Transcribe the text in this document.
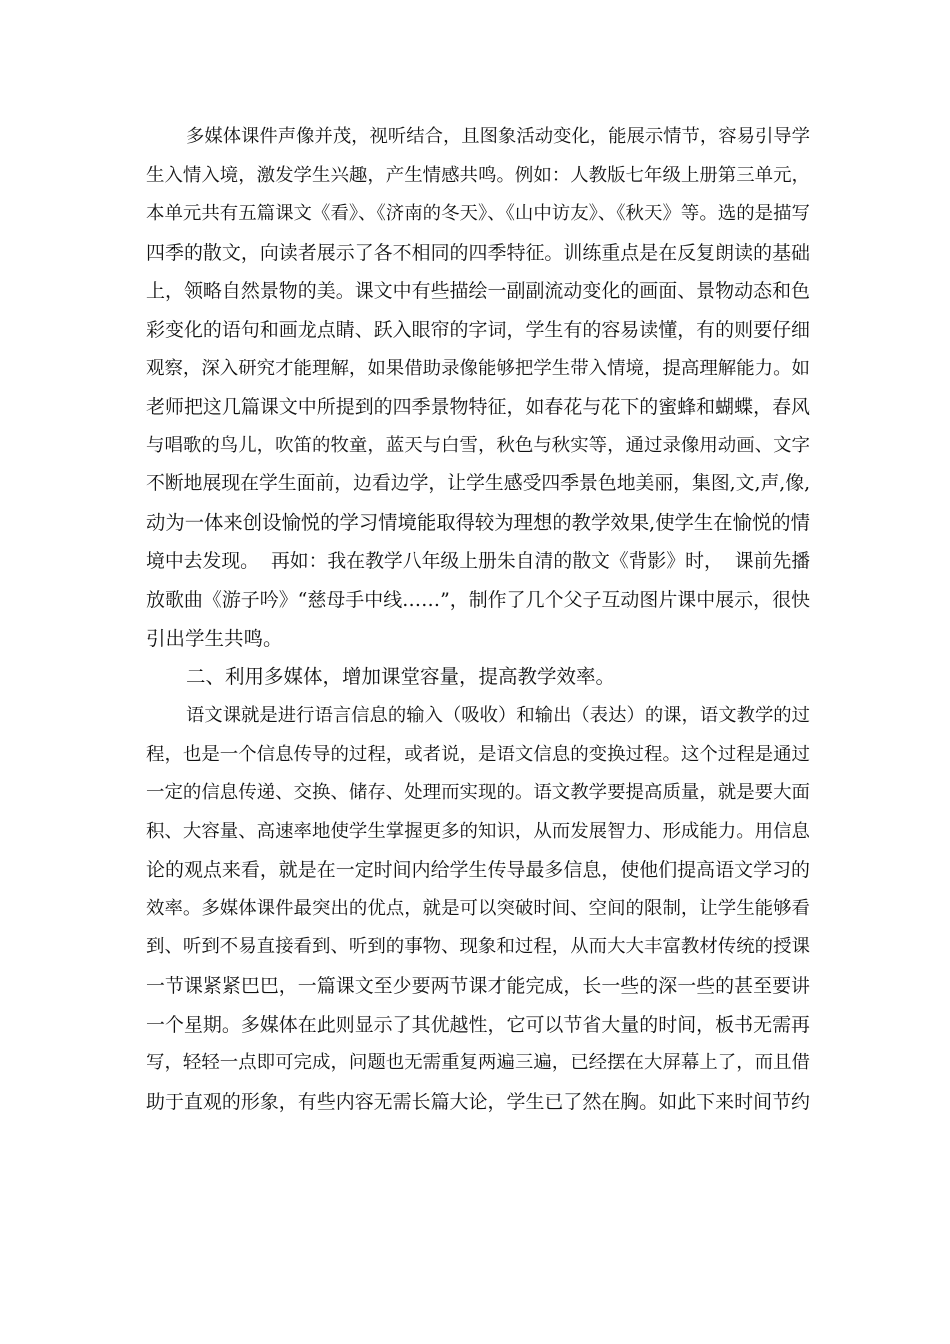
多媒体课件声像并茂，视听结合，且图象活动变化，能展示情节，容易引导学
生入情入境，激发学生兴趣，产生情感共鸣。例如：人教版七年级上册第三单元，
本单元共有五篇课文《看》、《济南的冬天》、《山中访友》、《秋天》等。选的是描写
四季的散文，向读者展示了各不相同的四季特征。训练重点是在反复朗读的基础
上，领略自然景物的美。课文中有些描绘一副副流动变化的画面、景物动态和色
彩变化的语句和画龙点睛、跃入眼帘的字词，学生有的容易读懂，有的则要仔细
观察，深入研究才能理解，如果借助录像能够把学生带入情境，提高理解能力。如
老师把这几篇课文中所提到的四季景物特征，如春花与花下的蜜蜂和蝴蝶，春风
与唱歌的鸟儿，吹笛的牧童，蓝天与白雪，秋色与秋实等，通过录像用动画、文字
不断地展现在学生面前，边看边学，让学生感受四季景色地美丽，集图,文,声,像,
动为一体来创设愉悦的学习情境能取得较为理想的教学效果,使学生在愉悦的情
境中去发现。  再如：我在教学八年级上册朱自清的散文《背影》时，  课前先播
放歌曲《游子吟》“慈母手中线……”，制作了几个父子互动图片课中展示，很快
引出学生共鸣。
二、利用多媒体，增加课堂容量，提高教学效率。
语文课就是进行语言信息的输入（吸收）和输出（表达）的课，语文教学的过
程，也是一个信息传导的过程，或者说，是语文信息的变换过程。这个过程是通过
一定的信息传递、交换、储存、处理而实现的。语文教学要提高质量，就是要大面
积、大容量、高速率地使学生掌握更多的知识，从而发展智力、形成能力。用信息
论的观点来看，就是在一定时间内给学生传导最多信息，使他们提高语文学习的
效率。多媒体课件最突出的优点，就是可以突破时间、空间的限制，让学生能够看
到、听到不易直接看到、听到的事物、现象和过程，从而大大丰富教材传统的授课
一节课紧紧巴巴，一篇课文至少要两节课才能完成，长一些的深一些的甚至要讲
一个星期。多媒体在此则显示了其优越性，它可以节省大量的时间，板书无需再
写，轻轻一点即可完成，问题也无需重复两遍三遍，已经摆在大屏幕上了，而且借
助于直观的形象，有些内容无需长篇大论，学生已了然在胸。如此下来时间节约
